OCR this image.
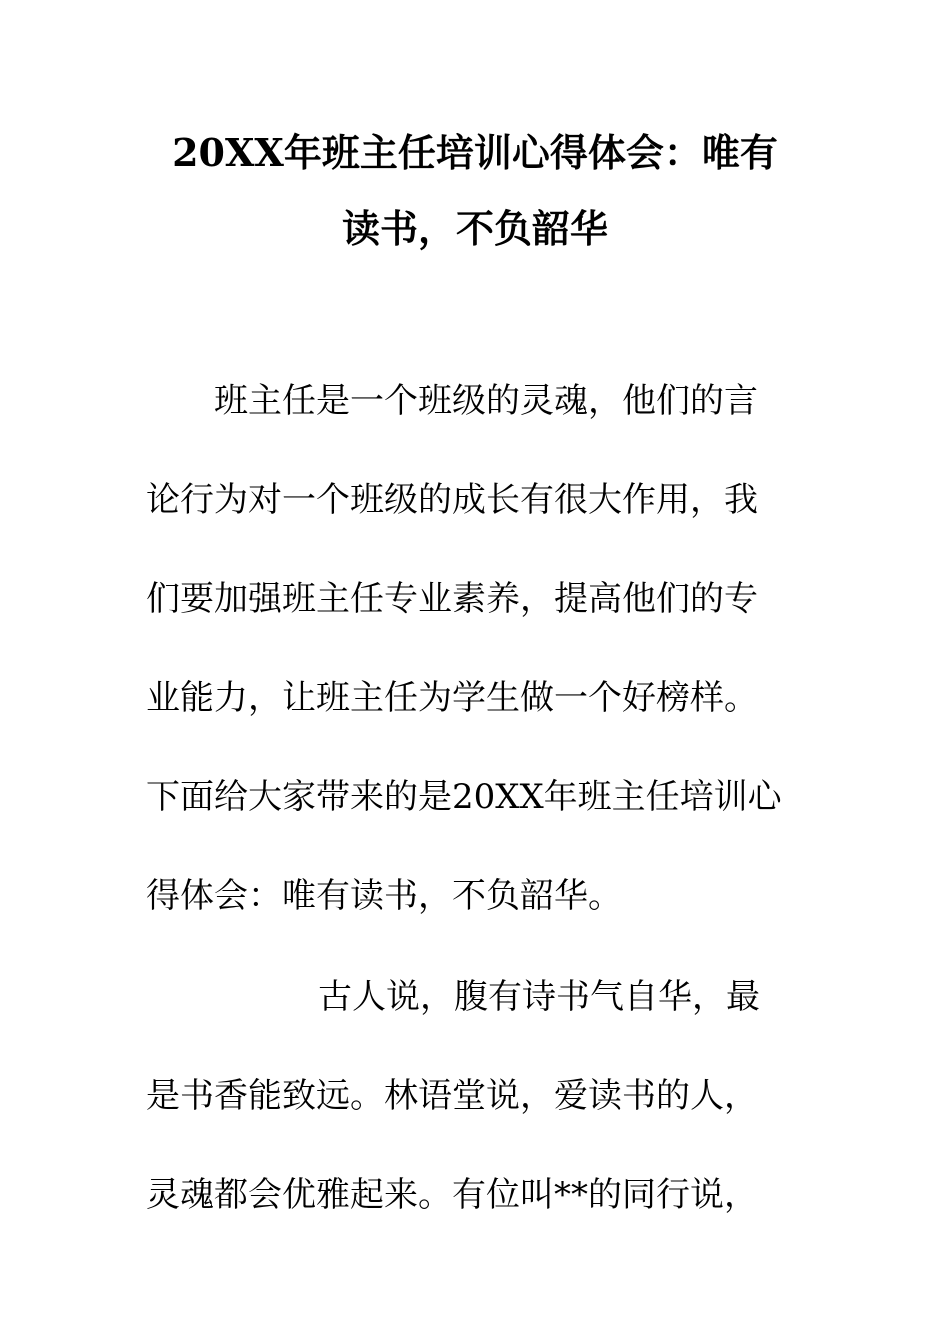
20XX年班主任培训心得体会：唯有
读书，不负韶华
班主任是一个班级的灵魂，他们的言
论行为对一个班级的成长有很大作用，我
们要加强班主任专业素养，提高他们的专
业能力，让班主任为学生做一个好榜样。
下面给大家带来的是20XX年班主任培训心
得体会：唯有读书，不负韶华。
古人说，腹有诗书气自华，最
是书香能致远。林语堂说，爱读书的人，
灵魂都会优雅起来。有位叫**的同行说，
